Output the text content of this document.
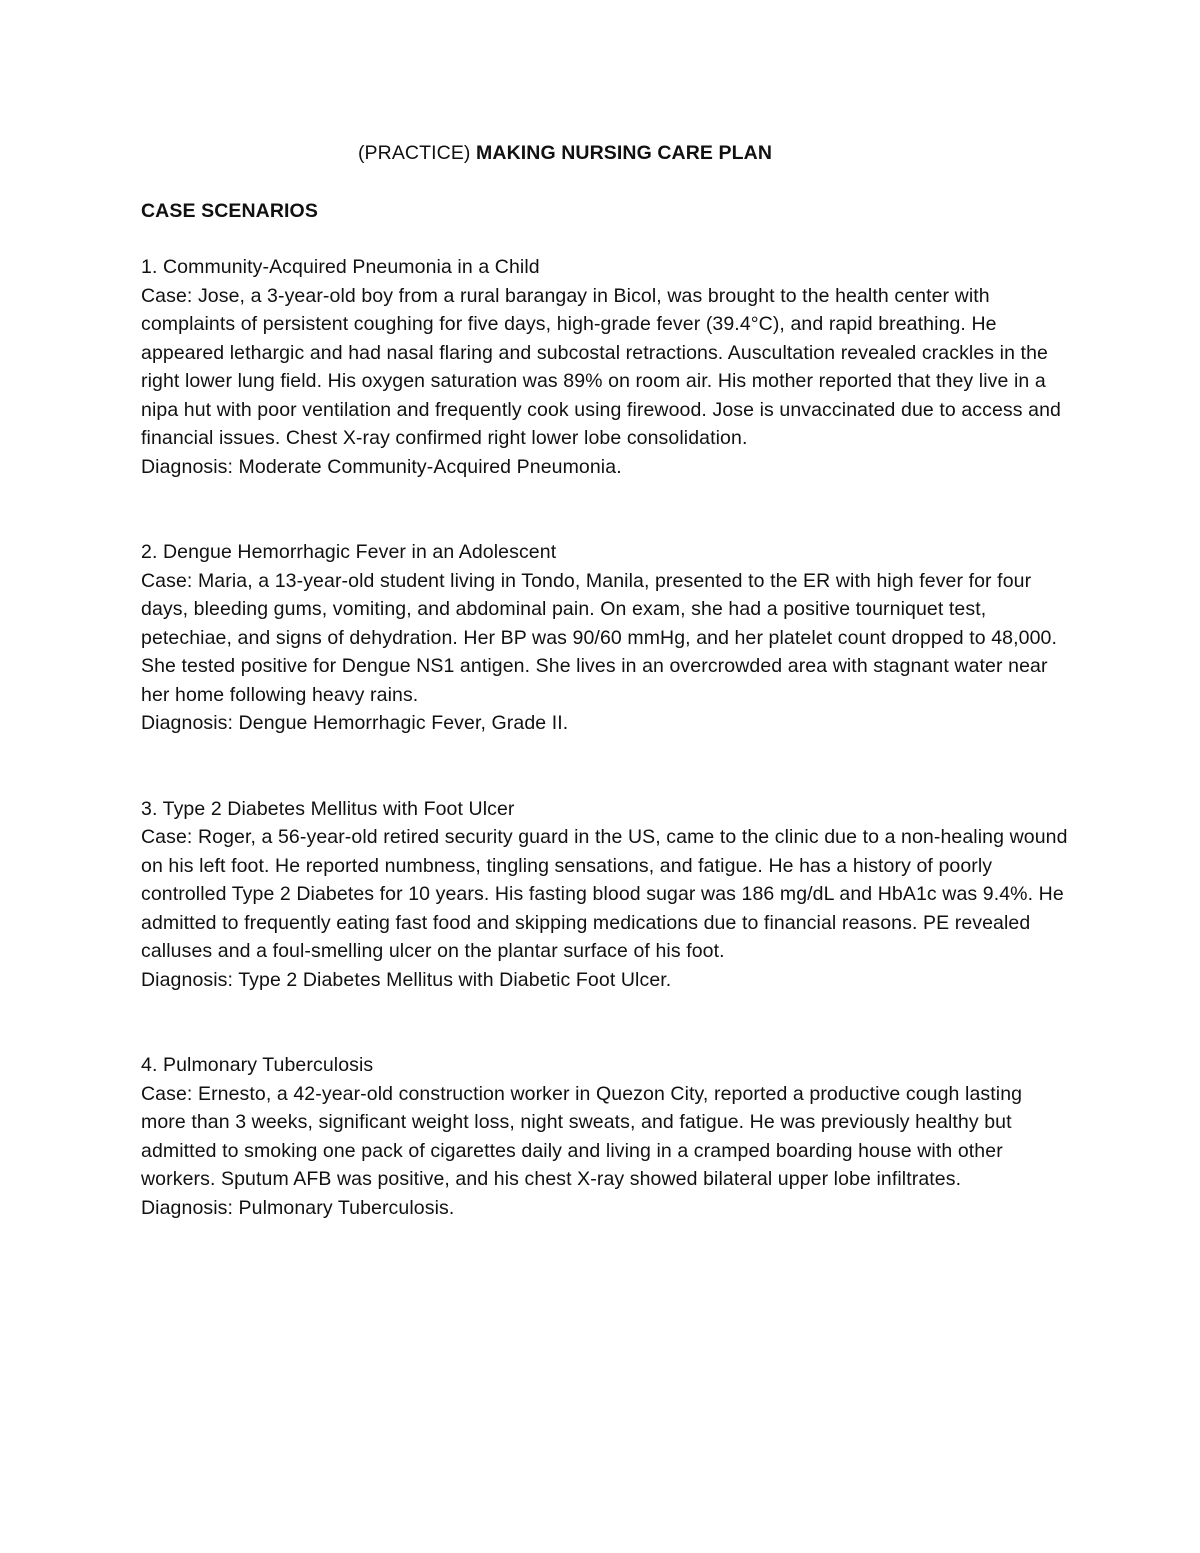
(PRACTICE) MAKING NURSING CARE PLAN
CASE SCENARIOS

1. Community-Acquired Pneumonia in a Child

Case: Jose, a 3-year-old boy from a rural barangay in Bicol, was brought to the health center with complaints of persistent coughing for five days, high-grade fever (39.4°C), and rapid breathing. He appeared lethargic and had nasal flaring and subcostal retractions. Auscultation revealed crackles in the right lower lung field. His oxygen saturation was 89% on room air. His mother reported that they live in a nipa hut with poor ventilation and frequently cook using firewood. Jose is unvaccinated due to access and financial issues. Chest X-ray confirmed right lower lobe consolidation.

Diagnosis: Moderate Community-Acquired Pneumonia.

2. Dengue Hemorrhagic Fever in an Adolescent

Case: Maria, a 13-year-old student living in Tondo, Manila, presented to the ER with high fever for four days, bleeding gums, vomiting, and abdominal pain. On exam, she had a positive tourniquet test, petechiae, and signs of dehydration. Her BP was 90/60 mmHg, and her platelet count dropped to 48,000. She tested positive for Dengue NS1 antigen. She lives in an overcrowded area with stagnant water near her home following heavy rains.

Diagnosis: Dengue Hemorrhagic Fever, Grade II.

3. Type 2 Diabetes Mellitus with Foot Ulcer

Case: Roger, a 56-year-old retired security guard in the US, came to the clinic due to a non-healing wound on his left foot. He reported numbness, tingling sensations, and fatigue. He has a history of poorly controlled Type 2 Diabetes for 10 years. His fasting blood sugar was 186 mg/dL and HbA1c was 9.4%. He admitted to frequently eating fast food and skipping medications due to financial reasons. PE revealed calluses and a foul-smelling ulcer on the plantar surface of his foot.

Diagnosis: Type 2 Diabetes Mellitus with Diabetic Foot Ulcer.

4. Pulmonary Tuberculosis

Case: Ernesto, a 42-year-old construction worker in Quezon City, reported a productive cough lasting more than 3 weeks, significant weight loss, night sweats, and fatigue. He was previously healthy but admitted to smoking one pack of cigarettes daily and living in a cramped boarding house with other workers. Sputum AFB was positive, and his chest X-ray showed bilateral upper lobe infiltrates.

Diagnosis: Pulmonary Tuberculosis.
